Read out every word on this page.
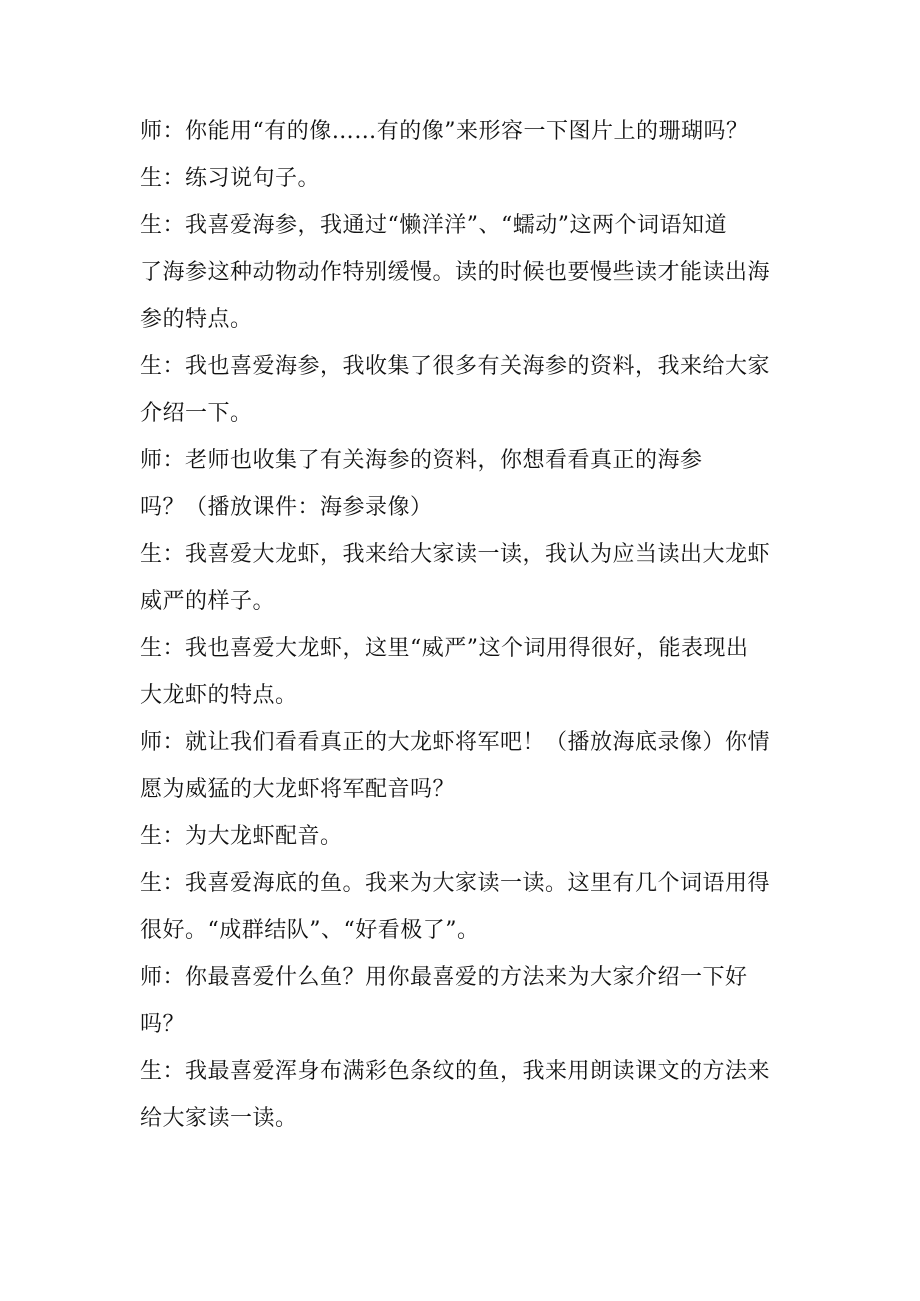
师：你能用“有的像……有的像”来形容一下图片上的珊瑚吗？
生：练习说句子。
生：我喜爱海参，我通过“懒洋洋”、“蠕动”这两个词语知道
了海参这种动物动作特别缓慢。读的时候也要慢些读才能读出海
参的特点。
生：我也喜爱海参，我收集了很多有关海参的资料，我来给大家
介绍一下。
师：老师也收集了有关海参的资料，你想看看真正的海参
吗？（播放课件：海参录像）
生：我喜爱大龙虾，我来给大家读一读，我认为应当读出大龙虾
威严的样子。
生：我也喜爱大龙虾，这里“威严”这个词用得很好，能表现出
大龙虾的特点。
师：就让我们看看真正的大龙虾将军吧！（播放海底录像）你情
愿为威猛的大龙虾将军配音吗？
生：为大龙虾配音。
生：我喜爱海底的鱼。我来为大家读一读。这里有几个词语用得
很好。“成群结队”、“好看极了”。
师：你最喜爱什么鱼？用你最喜爱的方法来为大家介绍一下好
吗？
生：我最喜爱浑身布满彩色条纹的鱼，我来用朗读课文的方法来
给大家读一读。
